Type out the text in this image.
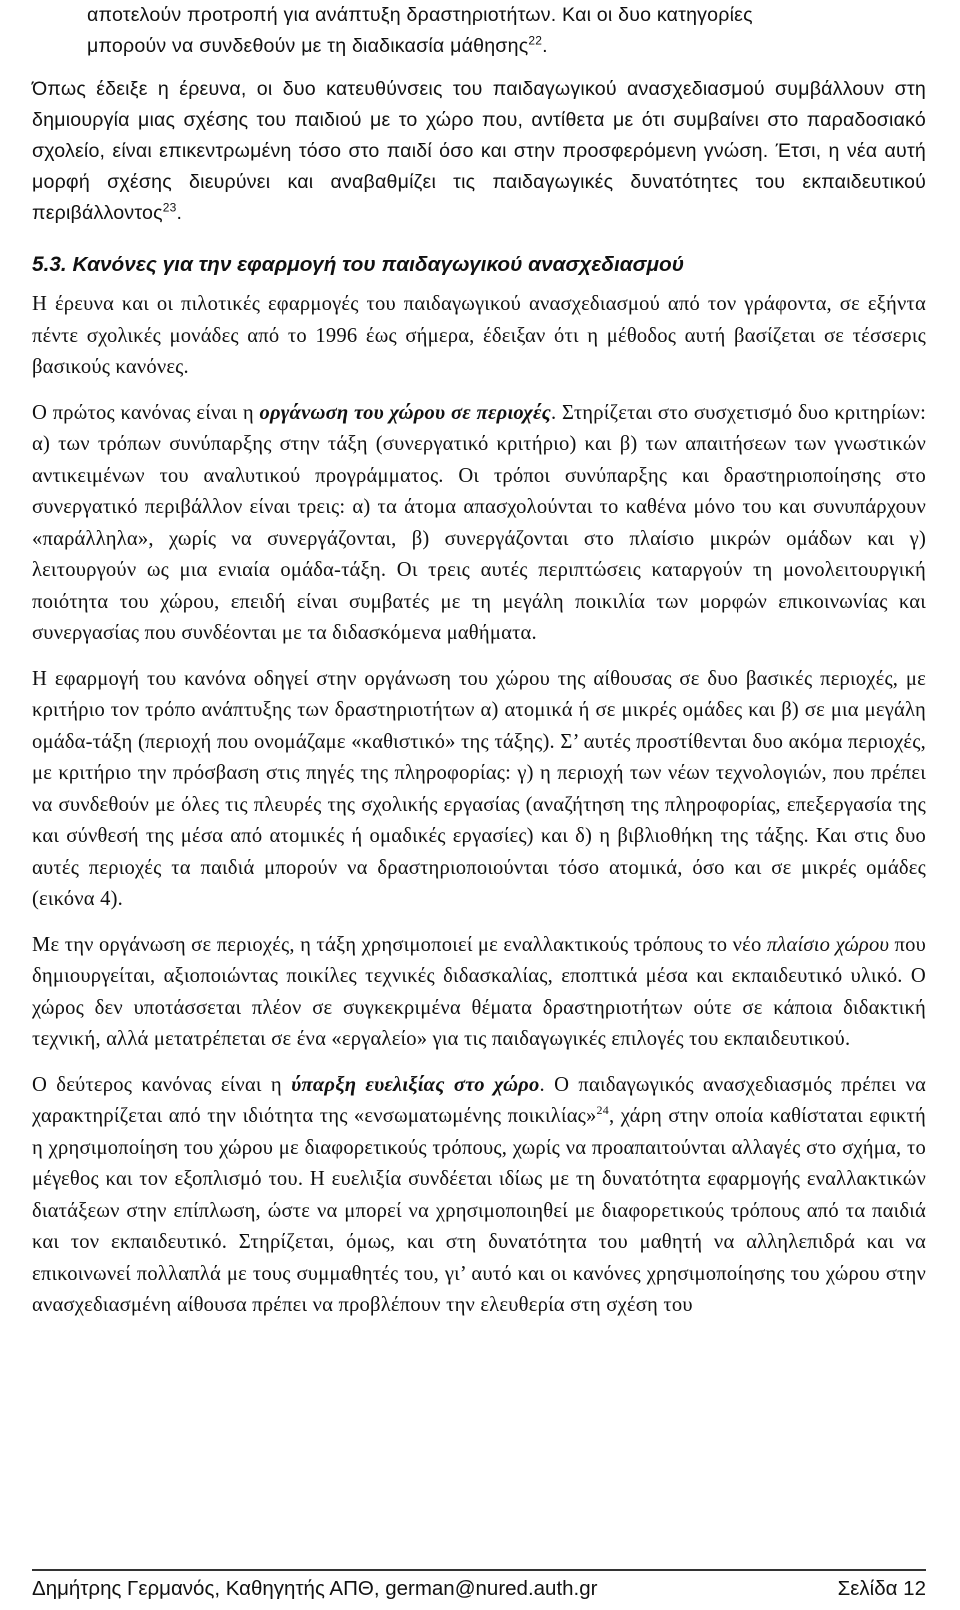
αποτελούν προτροπή για ανάπτυξη δραστηριοτήτων. Και οι δυο κατηγορίες
μπορούν να συνδεθούν με τη διαδικασία μάθησης$^{22}$.

Όπως έδειξε η έρευνα, οι δυο κατευθύνσεις του παιδαγωγικού ανασχεδιασμού συμβάλλουν στη δημιουργία μιας σχέσης του παιδιού με το χώρο που, αντίθετα με ότι συμβαίνει στο παραδοσιακό σχολείο, είναι επικεντρωμένη τόσο στο παιδί όσο και στην προσφερόμενη γνώση. Έτσι, η νέα αυτή μορφή σχέσης διευρύνει και αναβαθμίζει τις παιδαγωγικές δυνατότητες του εκπαιδευτικού περιβάλλοντος$^{23}$.

5.3. Κανόνες για την εφαρμογή του παιδαγωγικού ανασχεδιασμού

Η έρευνα και οι πιλοτικές εφαρμογές του παιδαγωγικού ανασχεδιασμού από τον γράφοντα, σε εξήντα πέντε σχολικές μονάδες από το 1996 έως σήμερα, έδειξαν ότι η μέθοδος αυτή βασίζεται σε τέσσερις βασικούς κανόνες.

Ο πρώτος κανόνας είναι η οργάνωση του χώρου σε περιοχές. Στηρίζεται στο συσχετισμό δυο κριτηρίων: α) των τρόπων συνύπαρξης στην τάξη (συνεργατικό κριτήριο) και β) των απαιτήσεων των γνωστικών αντικειμένων του αναλυτικού προγράμματος. Οι τρόποι συνύπαρξης και δραστηριοποίησης στο συνεργατικό περιβάλλον είναι τρεις: α) τα άτομα απασχολούνται το καθένα μόνο του και συνυπάρχουν «παράλληλα», χωρίς να συνεργάζονται, β) συνεργάζονται στο πλαίσιο μικρών ομάδων και γ) λειτουργούν ως μια ενιαία ομάδα-τάξη. Οι τρεις αυτές περιπτώσεις καταργούν τη μονολειτουργική ποιότητα του χώρου, επειδή είναι συμβατές με τη μεγάλη ποικιλία των μορφών επικοινωνίας και συνεργασίας που συνδέονται με τα διδασκόμενα μαθήματα.

Η εφαρμογή του κανόνα οδηγεί στην οργάνωση του χώρου της αίθουσας σε δυο βασικές περιοχές, με κριτήριο τον τρόπο ανάπτυξης των δραστηριοτήτων α) ατομικά ή σε μικρές ομάδες και β) σε μια μεγάλη ομάδα-τάξη (περιοχή που ονομάζαμε «καθιστικό» της τάξης). Σ’ αυτές προστίθενται δυο ακόμα περιοχές, με κριτήριο την πρόσβαση στις πηγές της πληροφορίας: γ) η περιοχή των νέων τεχνολογιών, που πρέπει να συνδεθούν με όλες τις πλευρές της σχολικής εργασίας (αναζήτηση της πληροφορίας, επεξεργασία της και σύνθεσή της μέσα από ατομικές ή ομαδικές εργασίες) και δ) η βιβλιοθήκη της τάξης. Και στις δυο αυτές περιοχές τα παιδιά μπορούν να δραστηριοποιούνται τόσο ατομικά, όσο και σε μικρές ομάδες (εικόνα 4).

Με την οργάνωση σε περιοχές, η τάξη χρησιμοποιεί με εναλλακτικούς τρόπους το νέο πλαίσιο χώρου που δημιουργείται, αξιοποιώντας ποικίλες τεχνικές διδασκαλίας, εποπτικά μέσα και εκπαιδευτικό υλικό. Ο χώρος δεν υποτάσσεται πλέον σε συγκεκριμένα θέματα δραστηριοτήτων ούτε σε κάποια διδακτική τεχνική, αλλά μετατρέπεται σε ένα «εργαλείο» για τις παιδαγωγικές επιλογές του εκπαιδευτικού.

Ο δεύτερος κανόνας είναι η ύπαρξη ευελιξίας στο χώρο. Ο παιδαγωγικός ανασχεδιασμός πρέπει να χαρακτηρίζεται από την ιδιότητα της «ενσωματωμένης ποικιλίας»$^{24}$, χάρη στην οποία καθίσταται εφικτή η χρησιμοποίηση του χώρου με διαφορετικούς τρόπους, χωρίς να προαπαιτούνται αλλαγές στο σχήμα, το μέγεθος και τον εξοπλισμό του. Η ευελιξία συνδέεται ιδίως με τη δυνατότητα εφαρμογής εναλλακτικών διατάξεων στην επίπλωση, ώστε να μπορεί να χρησιμοποιηθεί με διαφορετικούς τρόπους από τα παιδιά και τον εκπαιδευτικό. Στηρίζεται, όμως, και στη δυνατότητα του μαθητή να αλληλεπιδρά και να επικοινωνεί πολλαπλά με τους συμμαθητές του, γι’ αυτό και οι κανόνες χρησιμοποίησης του χώρου στην ανασχεδιασμένη αίθουσα πρέπει να προβλέπουν την ελευθερία στη σχέση του

Δημήτρης Γερμανός, Καθηγητής ΑΠΘ, german@nured.auth.gr	Σελίδα 12
